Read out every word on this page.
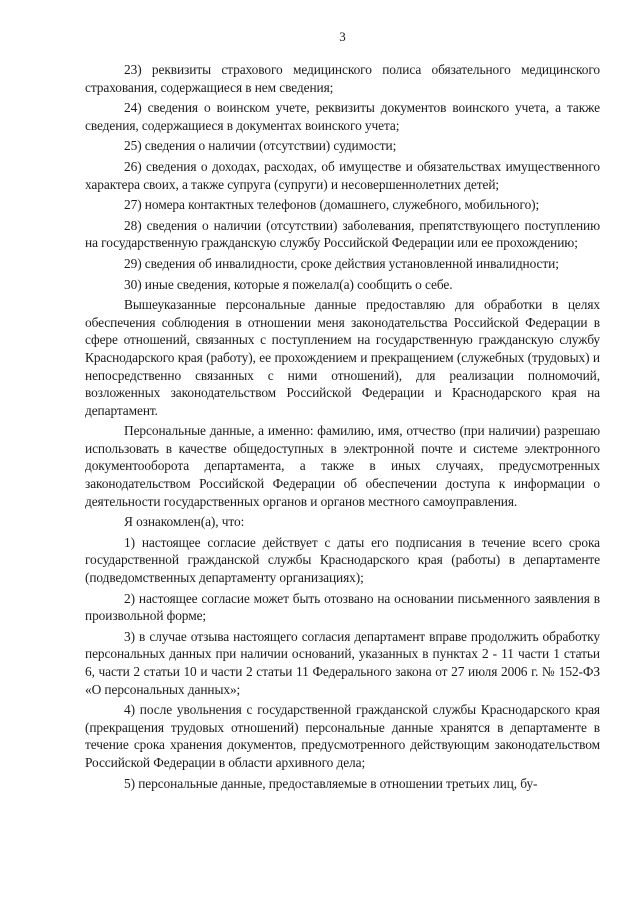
3

23) реквизиты страхового медицинского полиса обязательного медицинского страхования, содержащиеся в нем сведения;

24) сведения о воинском учете, реквизиты документов воинского учета, а также сведения, содержащиеся в документах воинского учета;

25) сведения о наличии (отсутствии) судимости;

26) сведения о доходах, расходах, об имуществе и обязательствах имущественного характера своих, а также супруга (супруги) и несовершеннолетних детей;

27) номера контактных телефонов (домашнего, служебного, мобильного);

28) сведения о наличии (отсутствии) заболевания, препятствующего поступлению на государственную гражданскую службу Российской Федерации или ее прохождению;

29) сведения об инвалидности, сроке действия установленной инвалидности;

30) иные сведения, которые я пожелал(а) сообщить о себе.

Вышеуказанные персональные данные предоставляю для обработки в целях обеспечения соблюдения в отношении меня законодательства Российской Федерации в сфере отношений, связанных с поступлением на государственную гражданскую службу Краснодарского края (работу), ее прохождением и прекращением (служебных (трудовых) и непосредственно связанных с ними отношений), для реализации полномочий, возложенных законодательством Российской Федерации и Краснодарского края на департамент.

Персональные данные, а именно: фамилию, имя, отчество (при наличии) разрешаю использовать в качестве общедоступных в электронной почте и системе электронного документооборота департамента, а также в иных случаях, предусмотренных законодательством Российской Федерации об обеспечении доступа к информации о деятельности государственных органов и органов местного самоуправления.

Я ознакомлен(а), что:

1) настоящее согласие действует с даты его подписания в течение всего срока государственной гражданской службы Краснодарского края (работы) в департаменте (подведомственных департаменту организациях);

2) настоящее согласие может быть отозвано на основании письменного заявления в произвольной форме;

3) в случае отзыва настоящего согласия департамент вправе продолжить обработку персональных данных при наличии оснований, указанных в пунктах 2 - 11 части 1 статьи 6, части 2 статьи 10 и части 2 статьи 11 Федерального закона от 27 июля 2006 г. № 152-ФЗ «О персональных данных»;

4) после увольнения с государственной гражданской службы Краснодарского края (прекращения трудовых отношений) персональные данные хранятся в департаменте в течение срока хранения документов, предусмотренного действующим законодательством Российской Федерации в области архивного дела;

5) персональные данные, предоставляемые в отношении третьих лиц, бу-
